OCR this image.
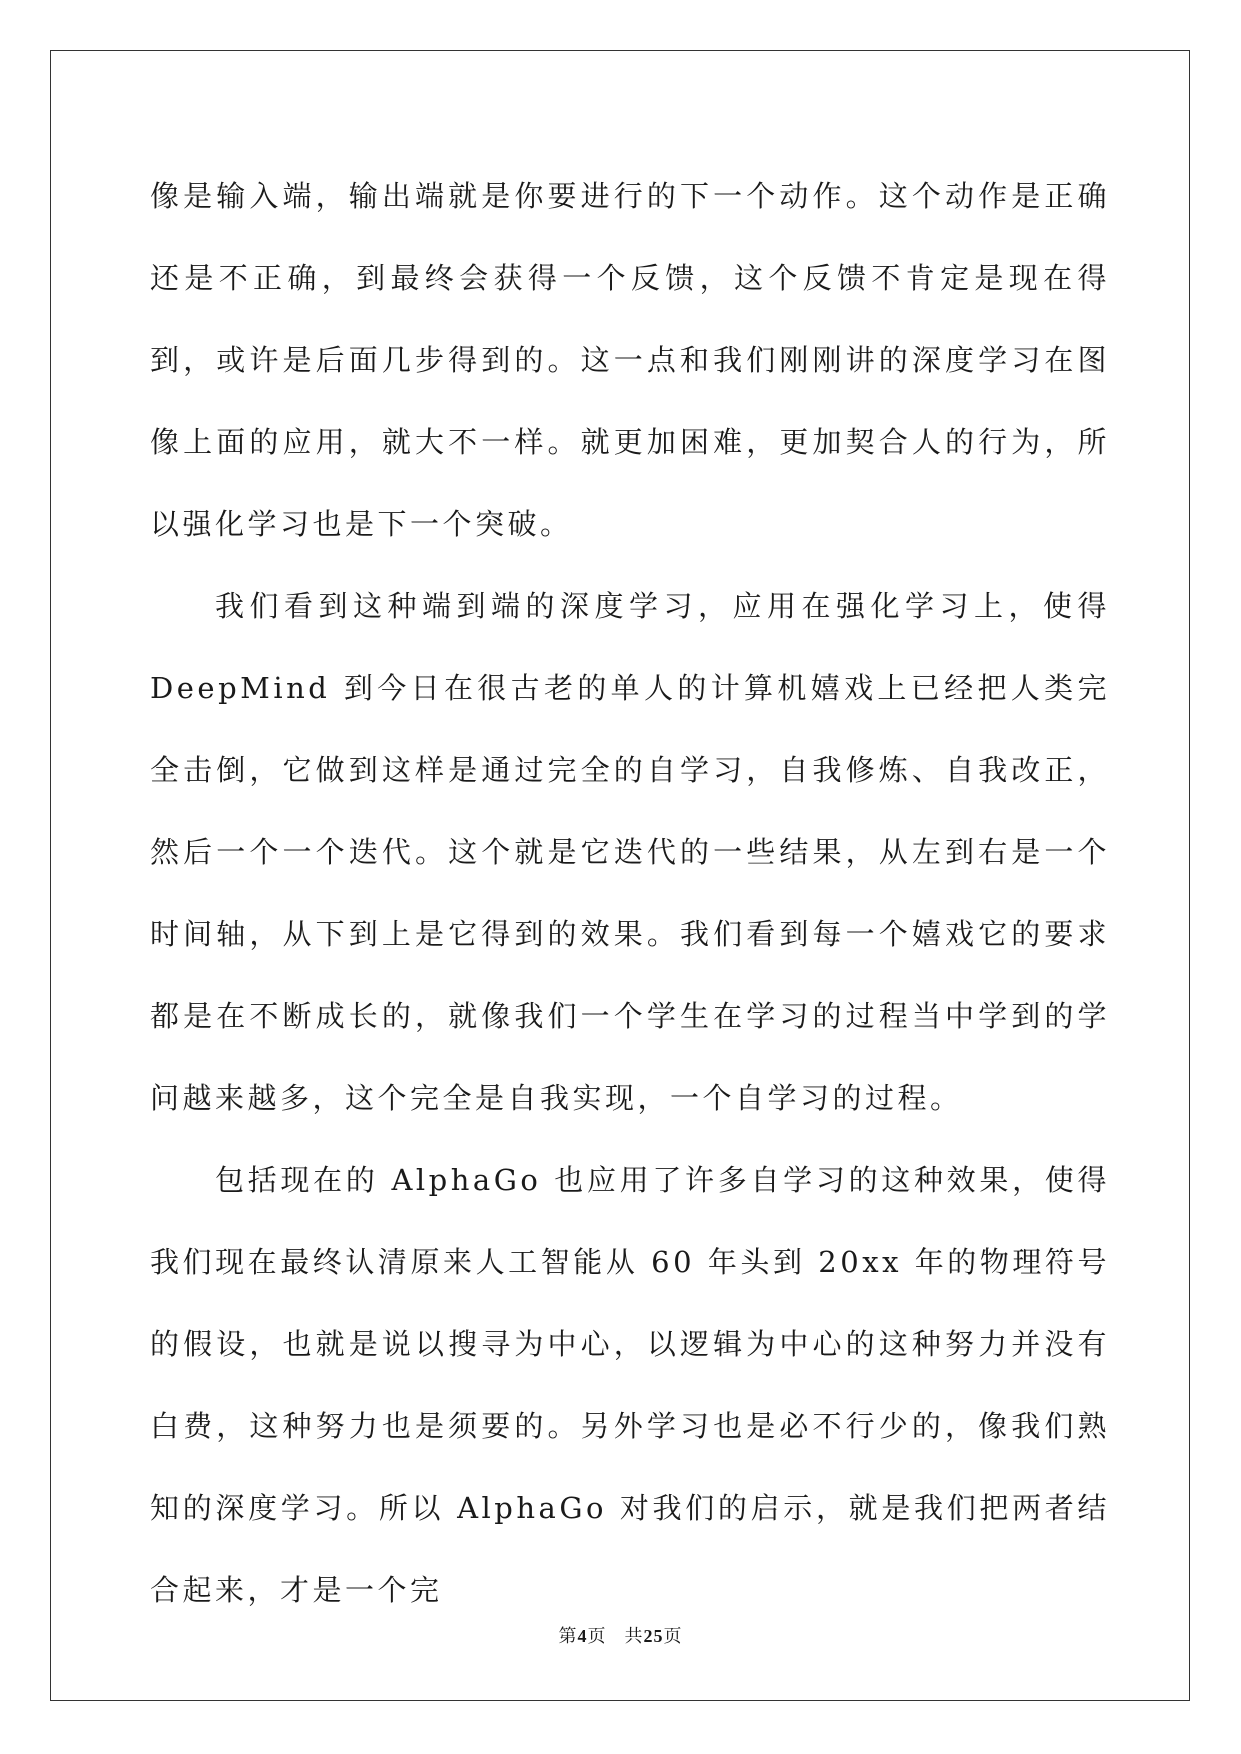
像是输入端，输出端就是你要进行的下一个动作。这个动作是正确还是不正确，到最终会获得一个反馈，这个反馈不肯定是现在得到，或许是后面几步得到的。这一点和我们刚刚讲的深度学习在图像上面的应用，就大不一样。就更加困难，更加契合人的行为，所以强化学习也是下一个突破。

我们看到这种端到端的深度学习，应用在强化学习上，使得DeepMind 到今日在很古老的单人的计算机嬉戏上已经把人类完全击倒，它做到这样是通过完全的自学习，自我修炼、自我改正，然后一个一个迭代。这个就是它迭代的一些结果，从左到右是一个时间轴，从下到上是它得到的效果。我们看到每一个嬉戏它的要求都是在不断成长的，就像我们一个学生在学习的过程当中学到的学问越来越多，这个完全是自我实现，一个自学习的过程。

包括现在的 AlphaGo 也应用了许多自学习的这种效果，使得我们现在最终认清原来人工智能从 60 年头到 20xx 年的物理符号的假设，也就是说以搜寻为中心，以逻辑为中心的这种努力并没有白费，这种努力也是须要的。另外学习也是必不行少的，像我们熟知的深度学习。所以 AlphaGo 对我们的启示，就是我们把两者结合起来，才是一个完

第4页 共25页
